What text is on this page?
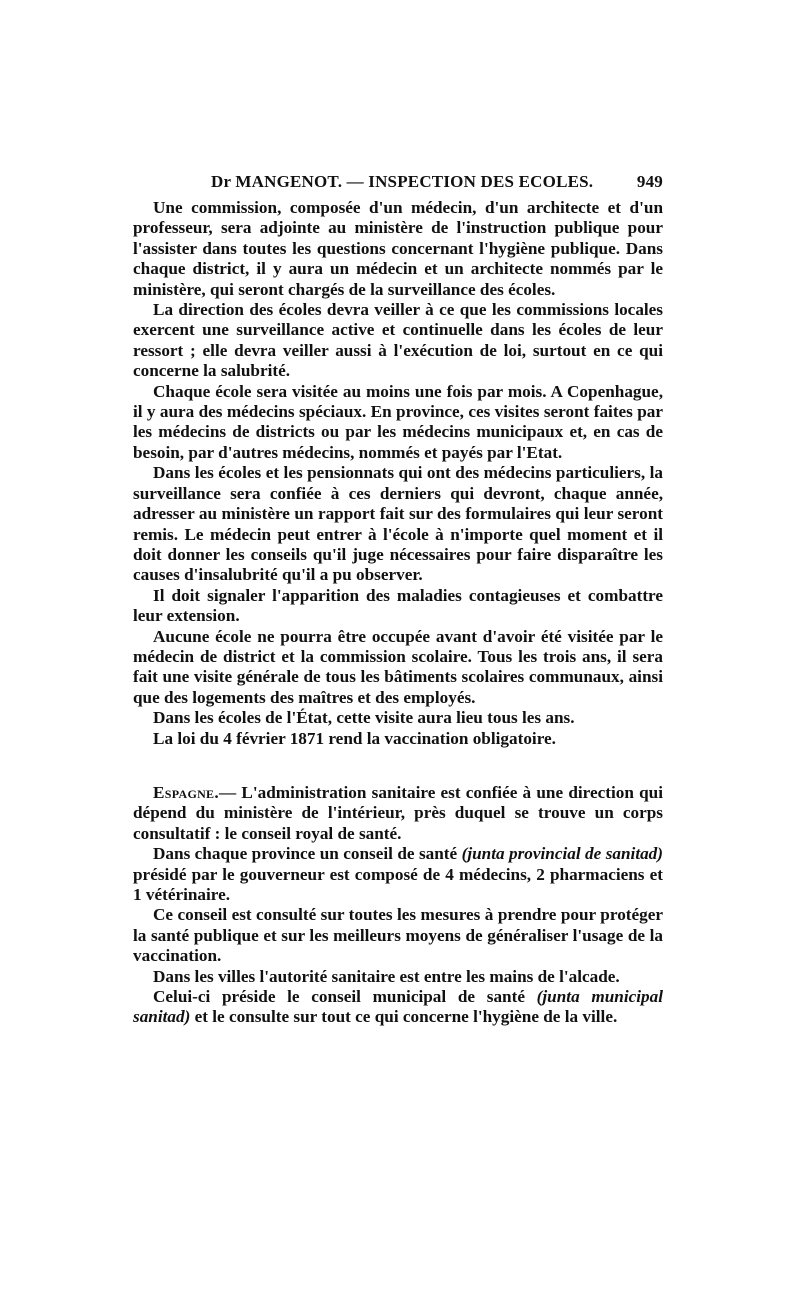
Dr MANGENOT. — INSPECTION DES ECOLES.	949

Une commission, composée d'un médecin, d'un architecte et d'un professeur, sera adjointe au ministère de l'instruction publique pour l'assister dans toutes les questions concernant l'hygiène publique. Dans chaque district, il y aura un médecin et un architecte nommés par le ministère, qui seront chargés de la surveillance des écoles.

La direction des écoles devra veiller à ce que les commissions locales exercent une surveillance active et continuelle dans les écoles de leur ressort ; elle devra veiller aussi à l'exécution de loi, surtout en ce qui concerne la salubrité.

Chaque école sera visitée au moins une fois par mois. A Copenhague, il y aura des médecins spéciaux. En province, ces visites seront faites par les médecins de districts ou par les médecins municipaux et, en cas de besoin, par d'autres médecins, nommés et payés par l'Etat.

Dans les écoles et les pensionnats qui ont des médecins particuliers, la surveillance sera confiée à ces derniers qui devront, chaque année, adresser au ministère un rapport fait sur des formulaires qui leur seront remis. Le médecin peut entrer à l'école à n'importe quel moment et il doit donner les conseils qu'il juge nécessaires pour faire disparaître les causes d'insalubrité qu'il a pu observer.

Il doit signaler l'apparition des maladies contagieuses et combattre leur extension.

Aucune école ne pourra être occupée avant d'avoir été visitée par le médecin de district et la commission scolaire. Tous les trois ans, il sera fait une visite générale de tous les bâtiments scolaires communaux, ainsi que des logements des maîtres et des employés.

Dans les écoles de l'État, cette visite aura lieu tous les ans.

La loi du 4 février 1871 rend la vaccination obligatoire.

Espagne.— L'administration sanitaire est confiée à une direction qui dépend du ministère de l'intérieur, près duquel se trouve un corps consultatif : le conseil royal de santé.

Dans chaque province un conseil de santé (junta provincial de sanitad) présidé par le gouverneur est composé de 4 médecins, 2 pharmaciens et 1 vétérinaire.

Ce conseil est consulté sur toutes les mesures à prendre pour protéger la santé publique et sur les meilleurs moyens de généraliser l'usage de la vaccination.

Dans les villes l'autorité sanitaire est entre les mains de l'alcade.

Celui-ci préside le conseil municipal de santé (junta municipal sanitad) et le consulte sur tout ce qui concerne l'hygiène de la ville.
